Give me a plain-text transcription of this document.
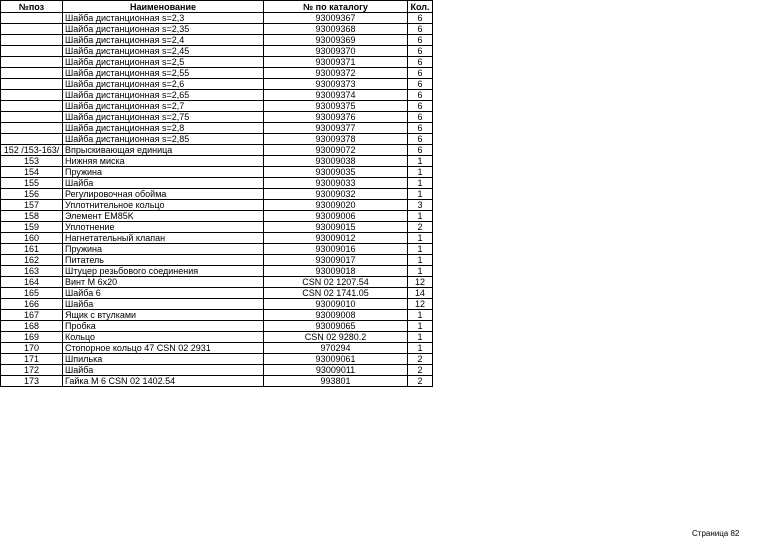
№поз	Наименование	№ по каталогу	Кол.
	Шайба дистанционная s=2,3	93009367	6
	Шайба дистанционная s=2,35	93009368	6
	Шайба дистанционная s=2,4	93009369	6
	Шайба дистанционная s=2,45	93009370	6
	Шайба дистанционная s=2,5	93009371	6
	Шайба дистанционная s=2,55	93009372	6
	Шайба дистанционная s=2,6	93009373	6
	Шайба дистанционная s=2,65	93009374	6
	Шайба дистанционная s=2,7	93009375	6
	Шайба дистанционная s=2,75	93009376	6
	Шайба дистанционная s=2,8	93009377	6
	Шайба дистанционная s=2,85	93009378	6
152 /153-163/	Впрыскивающая единица	93009072	6
153	Нижняя миска	93009038	1
154	Пружина	93009035	1
155	Шайба	93009033	1
156	Регулировочная обойма	93009032	1
157	Уплотнительное кольцо	93009020	3
158	Элемент EM85K	93009006	1
159	Уплотнение	93009015	2
160	Нагнетательный клапан	93009012	1
161	Пружина	93009016	1
162	Питатель	93009017	1
163	Штуцер резьбового соединения	93009018	1
164	Винт M 6x20	CSN 02 1207.54	12
165	Шайба 6	CSN 02 1741.05	14
166	Шайба	93009010	12
167	Ящик с втулками	93009008	1
168	Пробка	93009065	1
169	Кольцо	CSN 02 9280.2	1
170	Стопорное кольцо 47 CSN 02 2931	970294	1
171	Шпилька	93009061	2
172	Шайба	93009011	2
173	Гайка M 6 CSN 02 1402.54	993801	2
Страница 82
